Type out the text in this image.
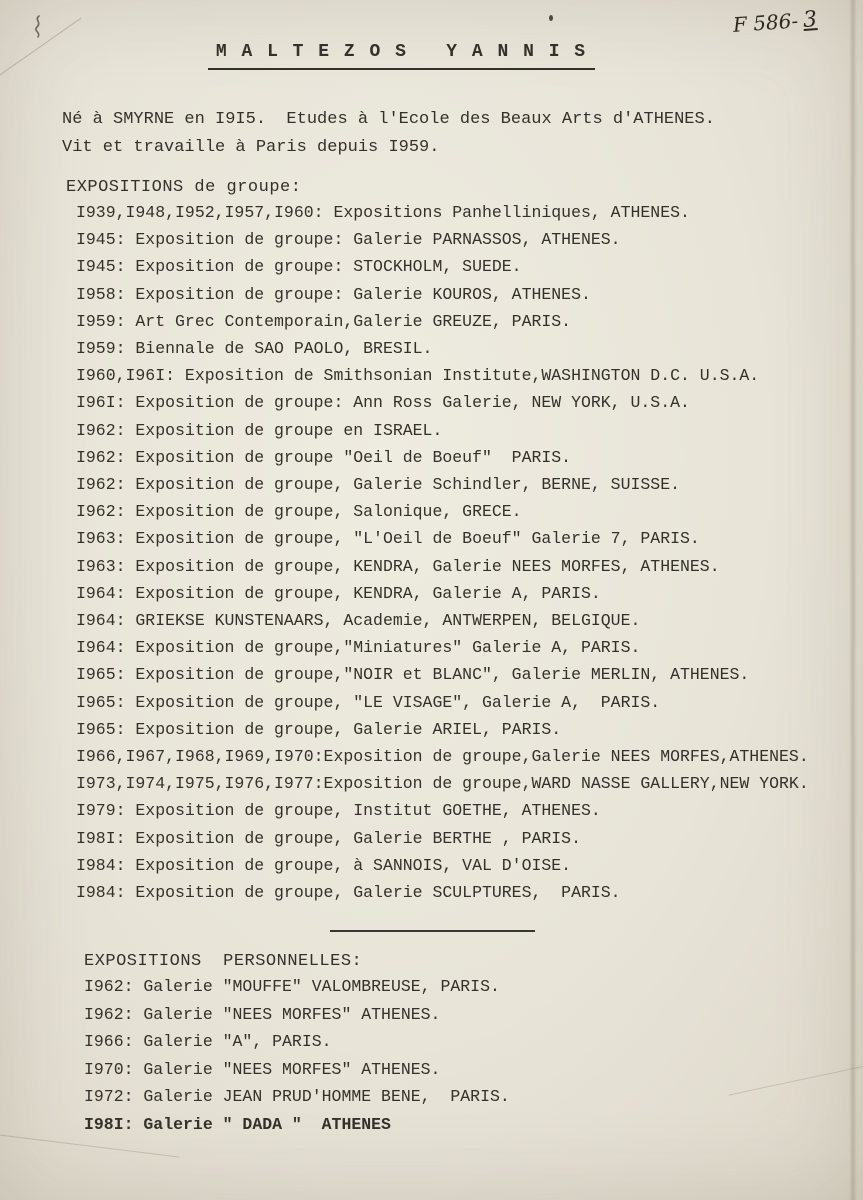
F 586- 3
M A L T E Z O S   Y A N N I S
Né à SMYRNE en I9I5.  Etudes à l'Ecole des Beaux Arts d'ATHENES.
Vit et travaille à Paris depuis I959.
EXPOSITIONS de groupe:
I939,I948,I952,I957,I960: Expositions Panhelliniques, ATHENES.
I945: Exposition de groupe: Galerie PARNASSOS, ATHENES.
I945: Exposition de groupe: STOCKHOLM, SUEDE.
I958: Exposition de groupe: Galerie KOUROS, ATHENES.
I959: Art Grec Contemporain,Galerie GREUZE, PARIS.
I959: Biennale de SAO PAOLO, BRESIL.
I960,I96I: Exposition de Smithsonian Institute,WASHINGTON D.C. U.S.A.
I96I: Exposition de groupe: Ann Ross Galerie, NEW YORK, U.S.A.
I962: Exposition de groupe en ISRAEL.
I962: Exposition de groupe "Oeil de Boeuf"  PARIS.
I962: Exposition de groupe, Galerie Schindler, BERNE, SUISSE.
I962: Exposition de groupe, Salonique, GRECE.
I963: Exposition de groupe, "L'Oeil de Boeuf" Galerie 7, PARIS.
I963: Exposition de groupe, KENDRA, Galerie NEES MORFES, ATHENES.
I964: Exposition de groupe, KENDRA, Galerie A, PARIS.
I964: GRIEKSE KUNSTENAARS, Academie, ANTWERPEN, BELGIQUE.
I964: Exposition de groupe,"Miniatures" Galerie A, PARIS.
I965: Exposition de groupe,"NOIR et BLANC", Galerie MERLIN, ATHENES.
I965: Exposition de groupe, "LE VISAGE", Galerie A,  PARIS.
I965: Exposition de groupe, Galerie ARIEL, PARIS.
I966,I967,I968,I969,I970:Exposition de groupe,Galerie NEES MORFES,ATHENES.
I973,I974,I975,I976,I977:Exposition de groupe,WARD NASSE GALLERY,NEW YORK.
I979: Exposition de groupe, Institut GOETHE, ATHENES.
I98I: Exposition de groupe, Galerie BERTHE , PARIS.
I984: Exposition de groupe, à SANNOIS, VAL D'OISE.
I984: Exposition de groupe, Galerie SCULPTURES,  PARIS.
EXPOSITIONS  PERSONNELLES:
I962: Galerie "MOUFFE" VALOMBREUSE, PARIS.
I962: Galerie "NEES MORFES" ATHENES.
I966: Galerie "A", PARIS.
I970: Galerie "NEES MORFES" ATHENES.
I972: Galerie JEAN PRUD'HOMME BENE,  PARIS.
I98I: Galerie " DADA "  ATHENES
